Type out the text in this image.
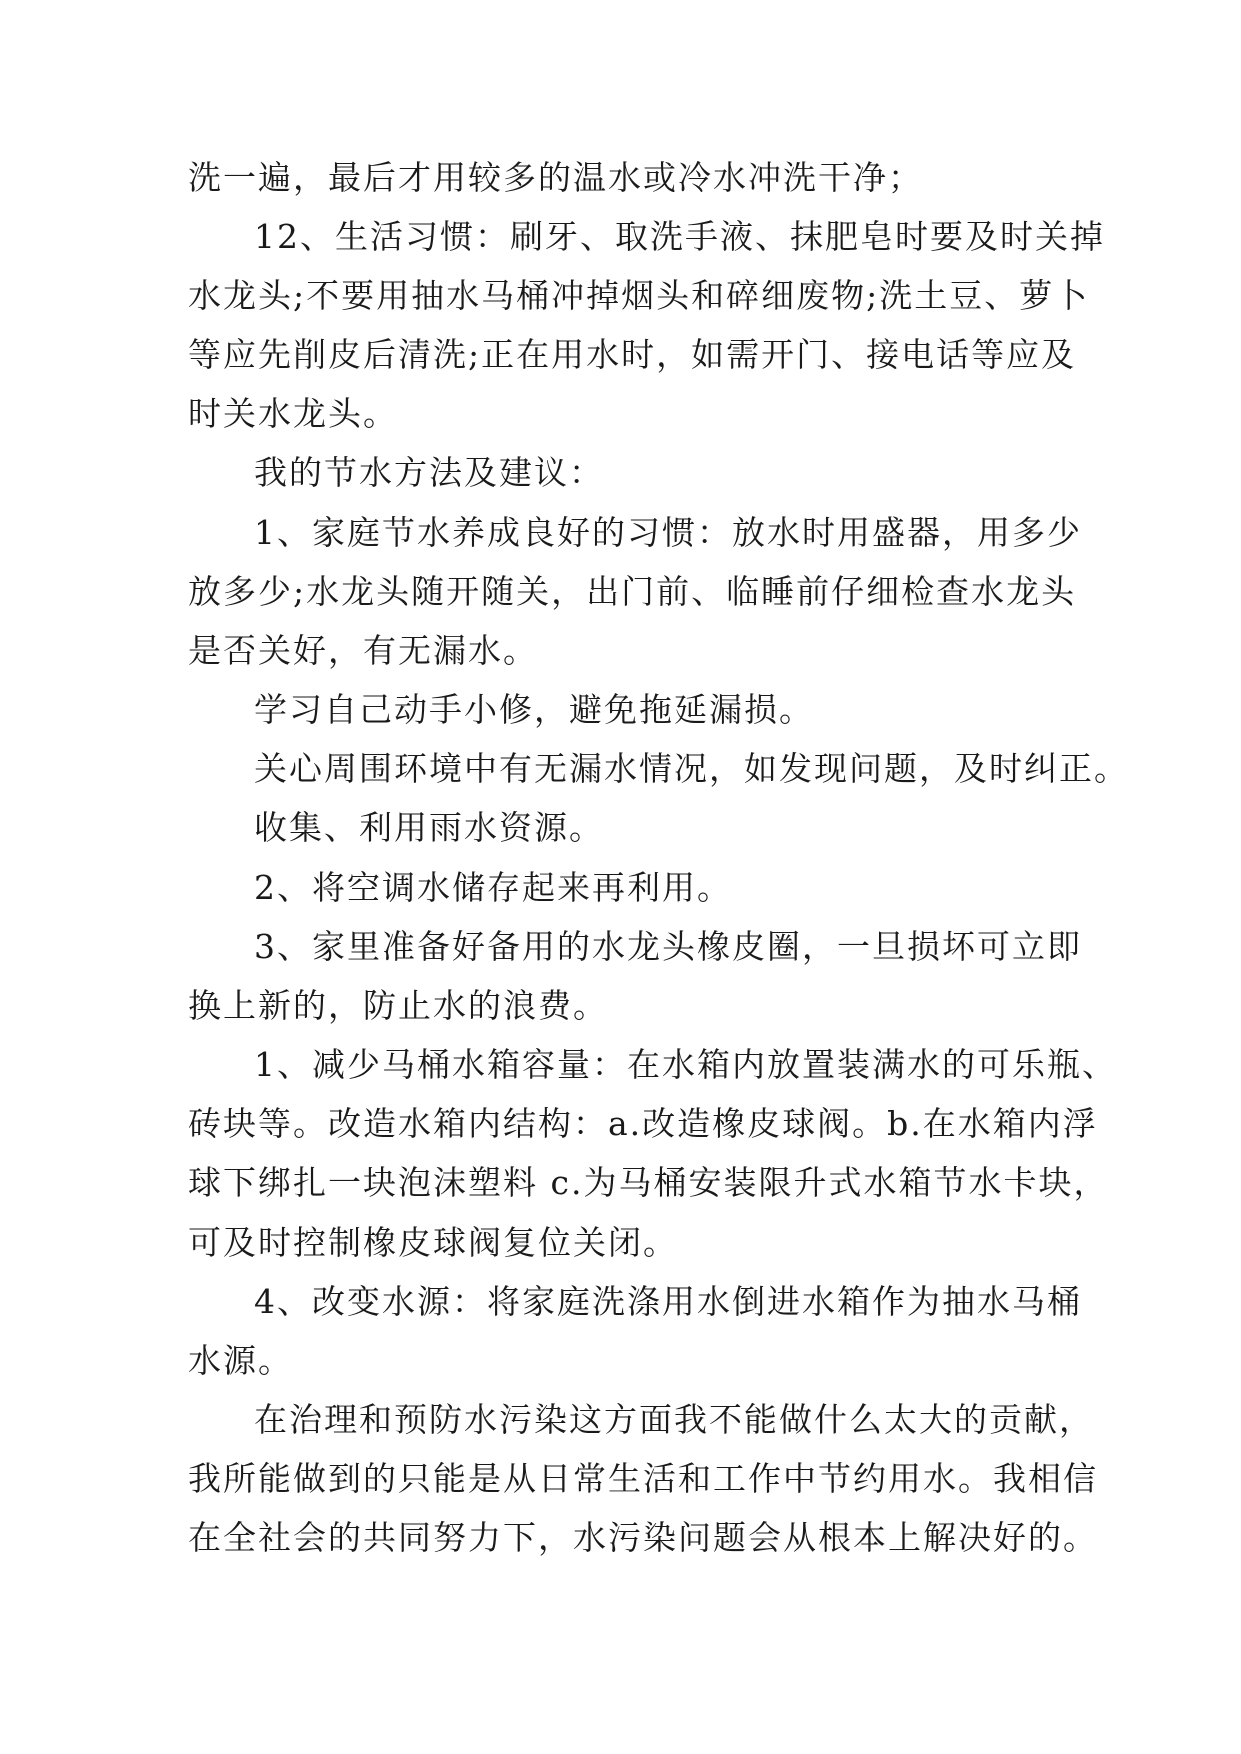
洗一遍，最后才用较多的温水或冷水冲洗干净；
12、生活习惯：刷牙、取洗手液、抹肥皂时要及时关掉
水龙头;不要用抽水马桶冲掉烟头和碎细废物;洗土豆、萝卜
等应先削皮后清洗;正在用水时，如需开门、接电话等应及
时关水龙头。
我的节水方法及建议：
1、家庭节水养成良好的习惯：放水时用盛器，用多少
放多少;水龙头随开随关，出门前、临睡前仔细检查水龙头
是否关好，有无漏水。
学习自己动手小修，避免拖延漏损。
关心周围环境中有无漏水情况，如发现问题，及时纠正。
收集、利用雨水资源。
2、将空调水储存起来再利用。
3、家里准备好备用的水龙头橡皮圈，一旦损坏可立即
换上新的，防止水的浪费。
1、减少马桶水箱容量：在水箱内放置装满水的可乐瓶、
砖块等。改造水箱内结构：a.改造橡皮球阀。b.在水箱内浮
球下绑扎一块泡沫塑料 c.为马桶安装限升式水箱节水卡块，
可及时控制橡皮球阀复位关闭。
4、改变水源：将家庭洗涤用水倒进水箱作为抽水马桶
水源。
在治理和预防水污染这方面我不能做什么太大的贡献，
我所能做到的只能是从日常生活和工作中节约用水。我相信
在全社会的共同努力下，水污染问题会从根本上解决好的。
